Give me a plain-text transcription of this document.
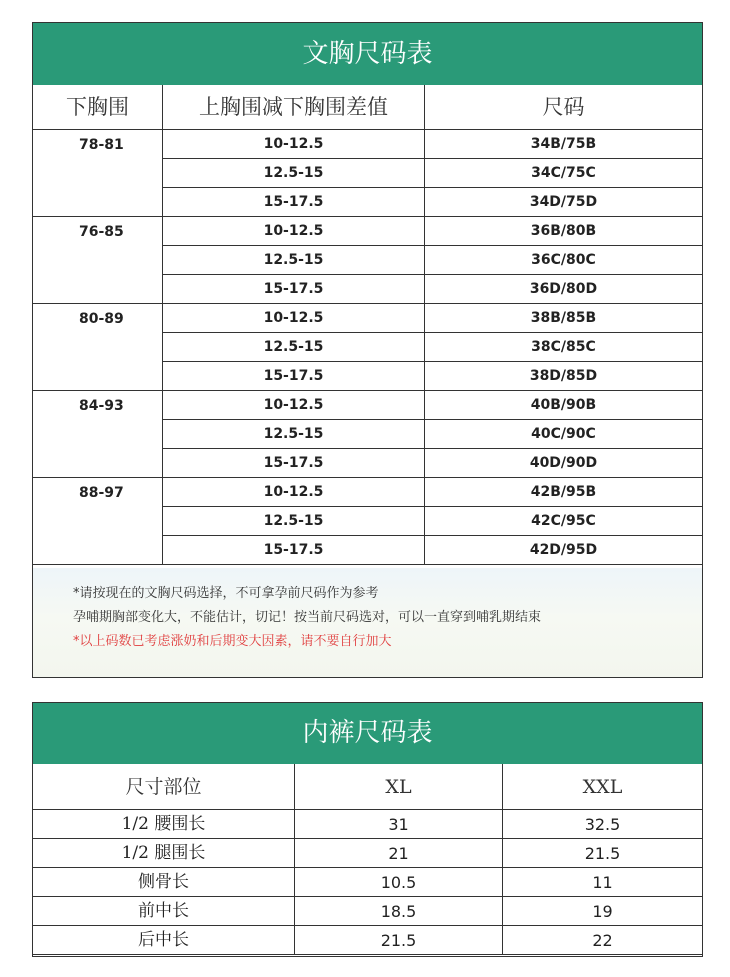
文胸尺码表
下胸围	上胸围减下胸围差值	尺码
78-81	10-12.5	34B/75B
12.5-15	34C/75C
15-17.5	34D/75D
76-85	10-12.5	36B/80B
12.5-15	36C/80C
15-17.5	36D/80D
80-89	10-12.5	38B/85B
12.5-15	38C/85C
15-17.5	38D/85D
84-93	10-12.5	40B/90B
12.5-15	40C/90C
15-17.5	40D/90D
88-97	10-12.5	42B/95B
12.5-15	42C/95C
15-17.5	42D/95D

*请按现在的文胸尺码选择，不可拿孕前尺码作为参考

孕哺期胸部变化大，不能估计，切记！按当前尺码选对，可以一直穿到哺乳期结束

*以上码数已考虑涨奶和后期变大因素，请不要自行加大

内裤尺码表
尺寸部位	XL	XXL
1/2 腰围长	31	32.5
1/2 腿围长	21	21.5
侧骨长	10.5	11
前中长	18.5	19
后中长	21.5	22
